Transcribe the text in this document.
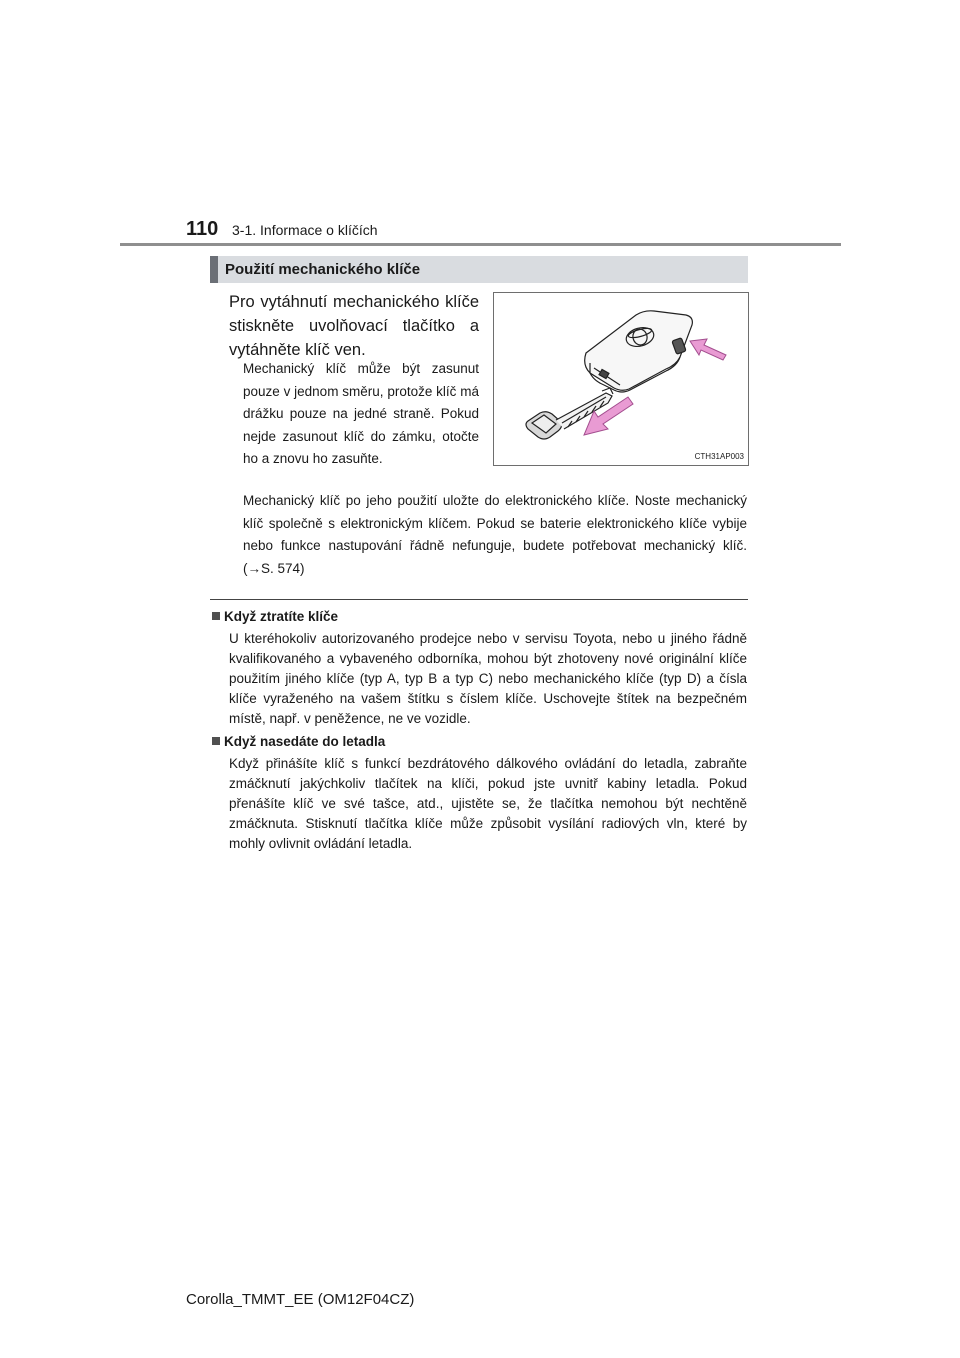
110 3-1. Informace o klíčích
Použití mechanického klíče
Pro vytáhnutí mechanického klíče stiskněte uvolňovací tlačítko a vytáhněte klíč ven.
Mechanický klíč může být zasunut pouze v jednom směru, protože klíč má drážku pouze na jedné straně. Pokud nejde zasunout klíč do zámku, otočte ho a znovu ho zasuňte.	CTH31AP003
Mechanický klíč po jeho použití uložte do elektronického klíče. Noste mechanický klíč společně s elektronickým klíčem. Pokud se baterie elektronického klíče vybije nebo funkce nastupování řádně nefunguje, budete potřebovat mechanický klíč. (→S. 574)
Když ztratíte klíče
U kteréhokoliv autorizovaného prodejce nebo v servisu Toyota, nebo u jiného řádně kvalifikovaného a vybaveného odborníka, mohou být zhotoveny nové originální klíče použitím jiného klíče (typ A, typ B a typ C) nebo mechanického klíče (typ D) a čísla klíče vyraženého na vašem štítku s číslem klíče. Uschovejte štítek na bezpečném místě, např. v peněžence, ne ve vozidle.
Když nasedáte do letadla
Když přinášíte klíč s funkcí bezdrátového dálkového ovládání do letadla, zabraňte zmáčknutí jakýchkoliv tlačítek na klíči, pokud jste uvnitř kabiny letadla. Pokud přenášíte klíč ve své tašce, atd., ujistěte se, že tlačítka nemohou být nechtěně zmáčknuta. Stisknutí tlačítka klíče může způsobit vysílání radiových vln, které by mohly ovlivnit ovládání letadla.
Corolla_TMMT_EE (OM12F04CZ)
